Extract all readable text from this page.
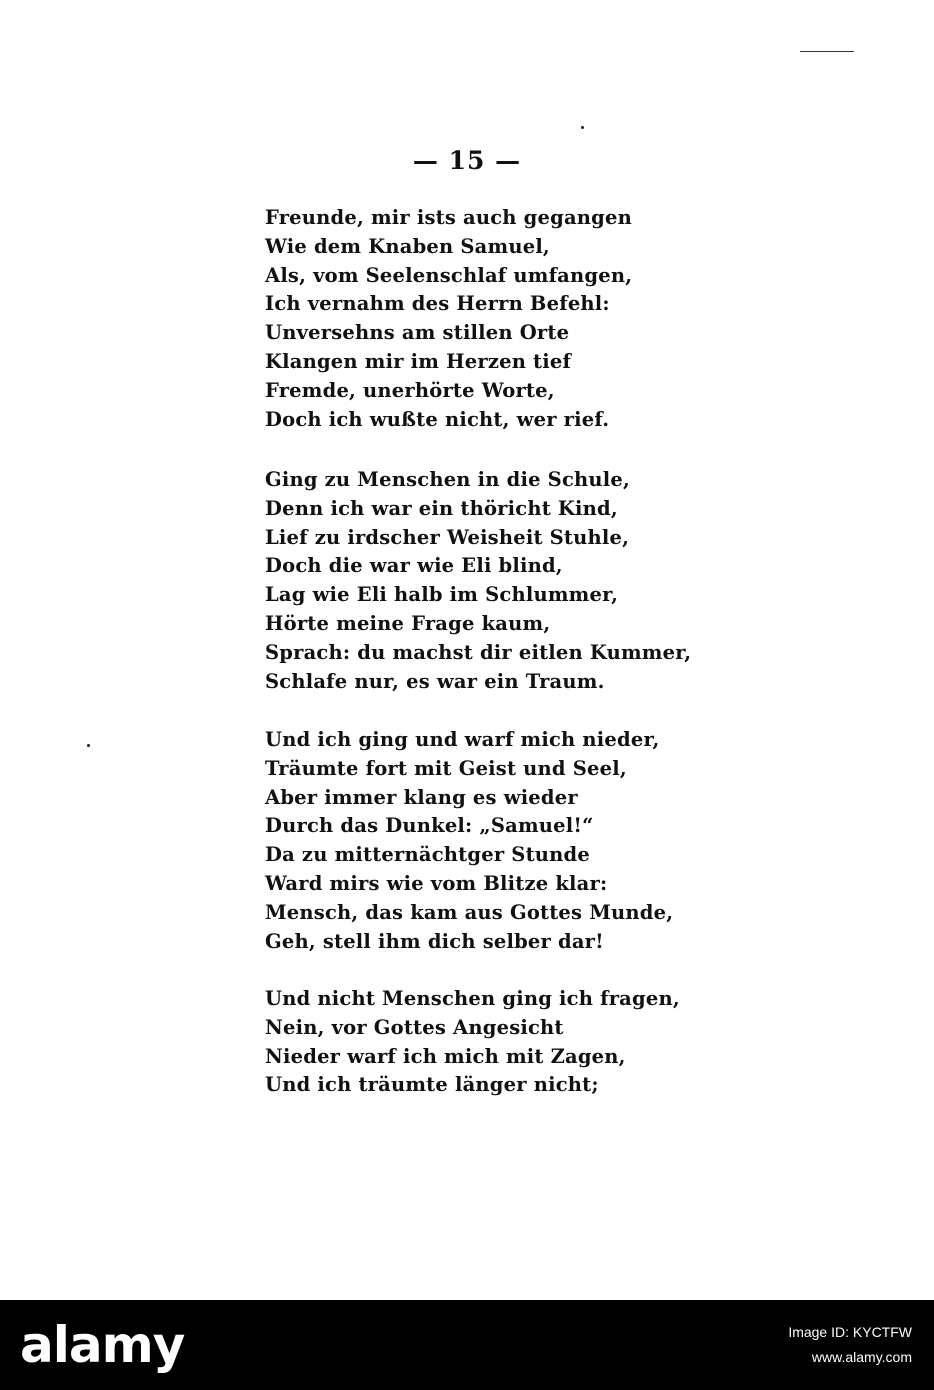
— 15 —
Freunde, mir ists auch gegangen
Wie dem Knaben Samuel,
Als, vom Seelenschlaf umfangen,
Ich vernahm des Herrn Befehl:
Unversehns am stillen Orte
Klangen mir im Herzen tief
Fremde, unerhörte Worte,
Doch ich wußte nicht, wer rief.
Ging zu Menschen in die Schule,
Denn ich war ein thöricht Kind,
Lief zu irdscher Weisheit Stuhle,
Doch die war wie Eli blind,
Lag wie Eli halb im Schlummer,
Hörte meine Frage kaum,
Sprach: du machst dir eitlen Kummer,
Schlafe nur, es war ein Traum.
Und ich ging und warf mich nieder,
Träumte fort mit Geist und Seel,
Aber immer klang es wieder
Durch das Dunkel: „Samuel!“
Da zu mitternächtger Stunde
Ward mirs wie vom Blitze klar:
Mensch, das kam aus Gottes Munde,
Geh, stell ihm dich selber dar!
Und nicht Menschen ging ich fragen,
Nein, vor Gottes Angesicht
Nieder warf ich mich mit Zagen,
Und ich träumte länger nicht;
alamy	Image ID: KYCTFW
www.alamy.com
